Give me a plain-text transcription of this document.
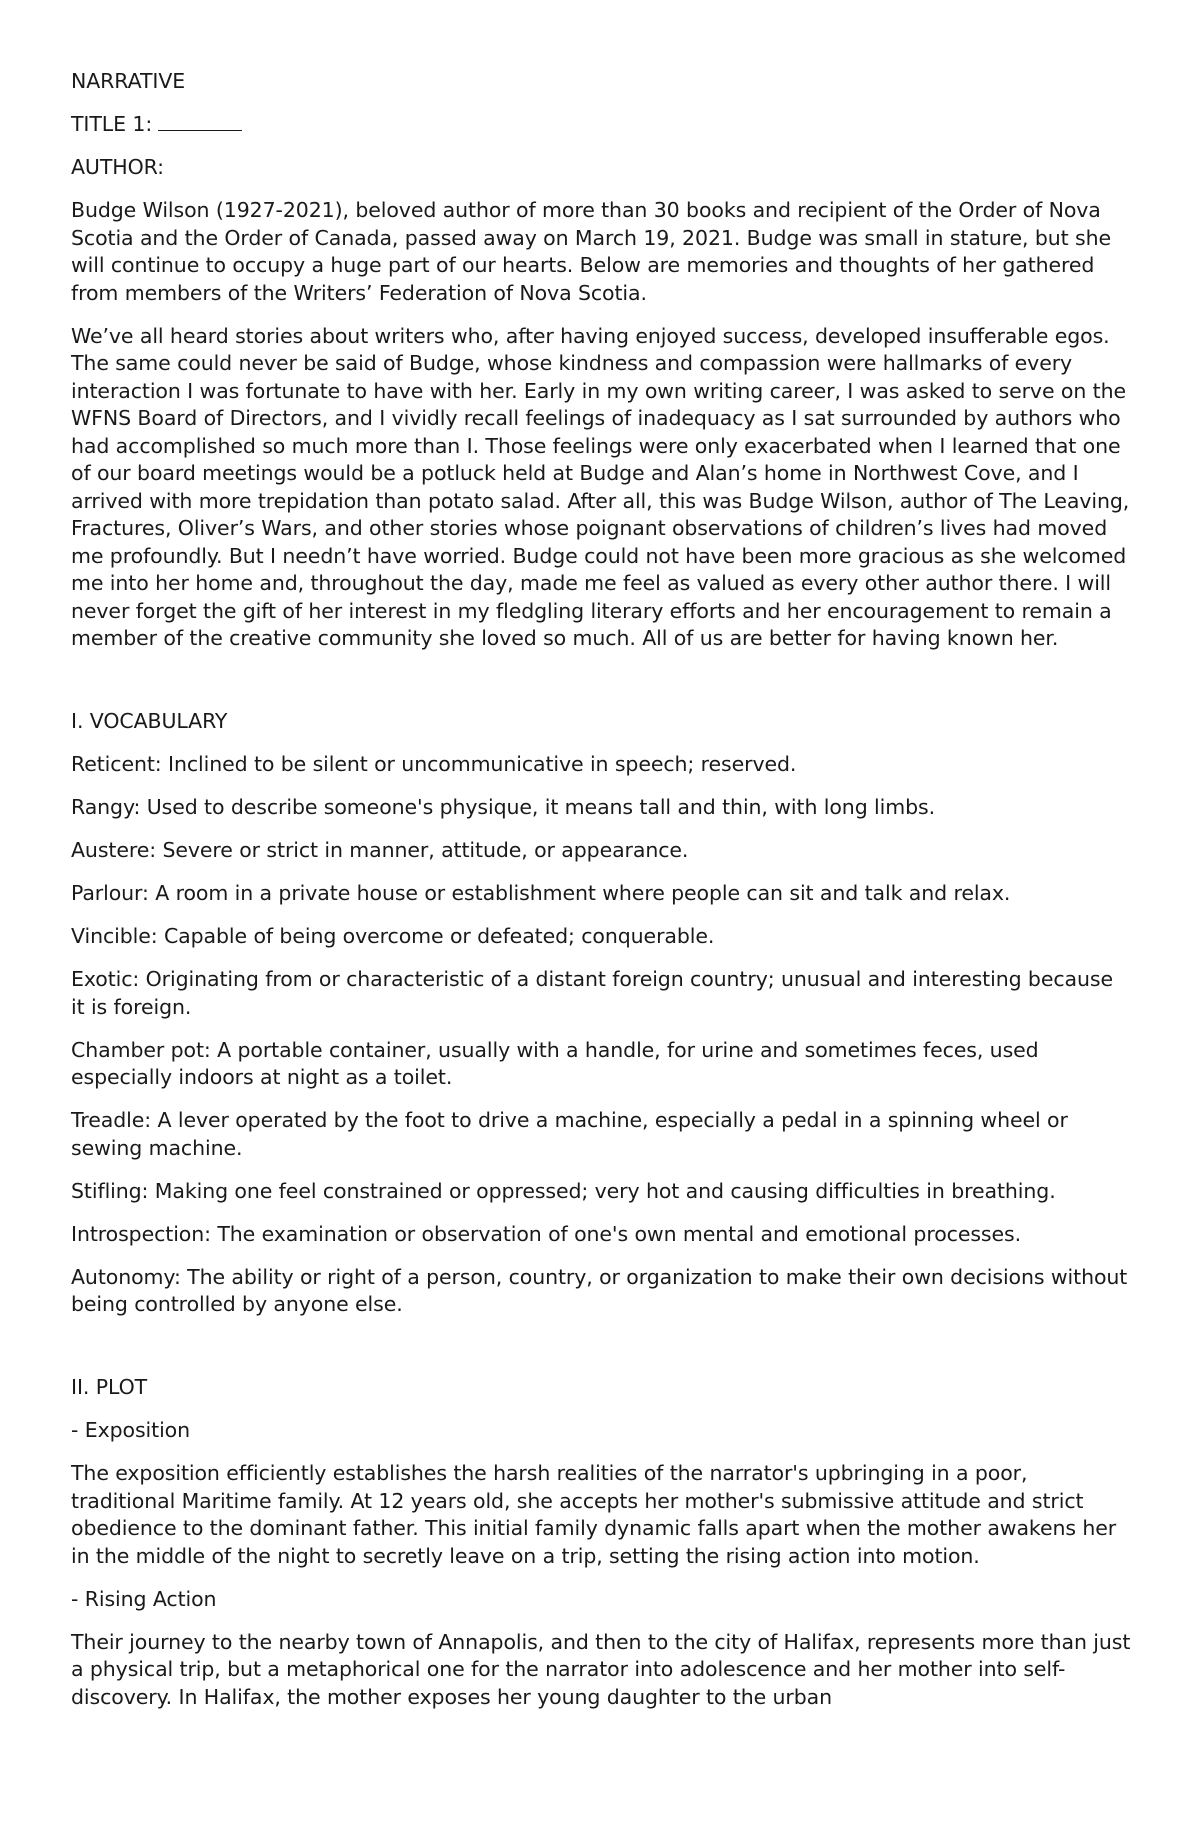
NARRATIVE

TITLE 1:

AUTHOR:

Budge Wilson (1927-2021), beloved author of more than 30 books and recipient of the Order of Nova Scotia and the Order of Canada, passed away on March 19, 2021. Budge was small in stature, but she will continue to occupy a huge part of our hearts. Below are memories and thoughts of her gathered from members of the Writers’ Federation of Nova Scotia.

We’ve all heard stories about writers who, after having enjoyed success, developed insufferable egos. The same could never be said of Budge, whose kindness and compassion were hallmarks of every interaction I was fortunate to have with her. Early in my own writing career, I was asked to serve on the WFNS Board of Directors, and I vividly recall feelings of inadequacy as I sat surrounded by authors who had accomplished so much more than I. Those feelings were only exacerbated when I learned that one of our board meetings would be a potluck held at Budge and Alan’s home in Northwest Cove, and I arrived with more trepidation than potato salad. After all, this was Budge Wilson, author of The Leaving, Fractures, Oliver’s Wars, and other stories whose poignant observations of children’s lives had moved me profoundly. But I needn’t have worried. Budge could not have been more gracious as she welcomed me into her home and, throughout the day, made me feel as valued as every other author there. I will never forget the gift of her interest in my fledgling literary efforts and her encouragement to remain a member of the creative community she loved so much. All of us are better for having known her.

I. VOCABULARY

Reticent: Inclined to be silent or uncommunicative in speech; reserved.

Rangy: Used to describe someone's physique, it means tall and thin, with long limbs.

Austere: Severe or strict in manner, attitude, or appearance.

Parlour: A room in a private house or establishment where people can sit and talk and relax.

Vincible: Capable of being overcome or defeated; conquerable.

Exotic: Originating from or characteristic of a distant foreign country; unusual and interesting because it is foreign.

Chamber pot: A portable container, usually with a handle, for urine and sometimes feces, used especially indoors at night as a toilet.

Treadle: A lever operated by the foot to drive a machine, especially a pedal in a spinning wheel or sewing machine.

Stifling: Making one feel constrained or oppressed; very hot and causing difficulties in breathing.

Introspection: The examination or observation of one's own mental and emotional processes.

Autonomy: The ability or right of a person, country, or organization to make their own decisions without being controlled by anyone else.

II. PLOT

- Exposition

The exposition efficiently establishes the harsh realities of the narrator's upbringing in a poor, traditional Maritime family. At 12 years old, she accepts her mother's submissive attitude and strict obedience to the dominant father. This initial family dynamic falls apart when the mother awakens her in the middle of the night to secretly leave on a trip, setting the rising action into motion.

- Rising Action

Their journey to the nearby town of Annapolis, and then to the city of Halifax, represents more than just a physical trip, but a metaphorical one for the narrator into adolescence and her mother into self-discovery. In Halifax, the mother exposes her young daughter to the urban
